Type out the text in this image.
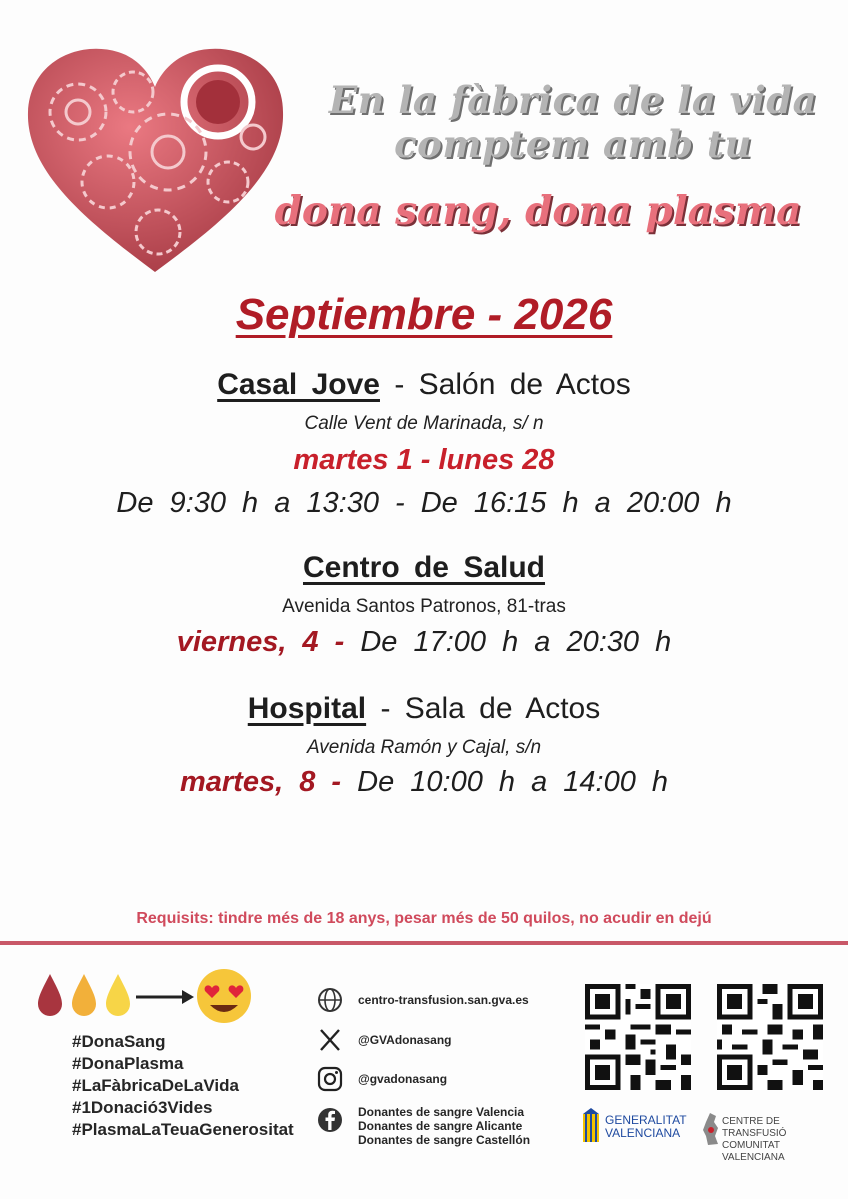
En la fàbrica de la vida
comptem amb tu
dona sang, dona plasma
Septiembre - 2026
Casal Jove - Salón de Actos
Calle Vent de Marinada, s/ n
martes 1 - lunes 28
De 9:30 h a 13:30 - De 16:15 h a 20:00 h
Centro de Salud
Avenida Santos Patronos, 81-tras
viernes, 4 - De 17:00 h a 20:30 h
Hospital - Sala de Actos
Avenida Ramón y Cajal, s/n
martes, 8 - De 10:00 h a 14:00 h
Requisits: tindre més de 18 anys, pesar més de 50 quilos, no acudir en dejú
#DonaSang
#DonaPlasma
#LaFàbricaDeLaVida
#1Donació3Vides
#PlasmaLaTeuaGenerositat
centro-transfusion.san.gva.es
@GVAdonasang
@gvadonasang
Donantes de sangre Valencia
Donantes de sangre Alicante
Donantes de sangre Castellón
GENERALITAT
VALENCIANA
CENTRE DE TRANSFUSIÓ
COMUNITAT VALENCIANA
